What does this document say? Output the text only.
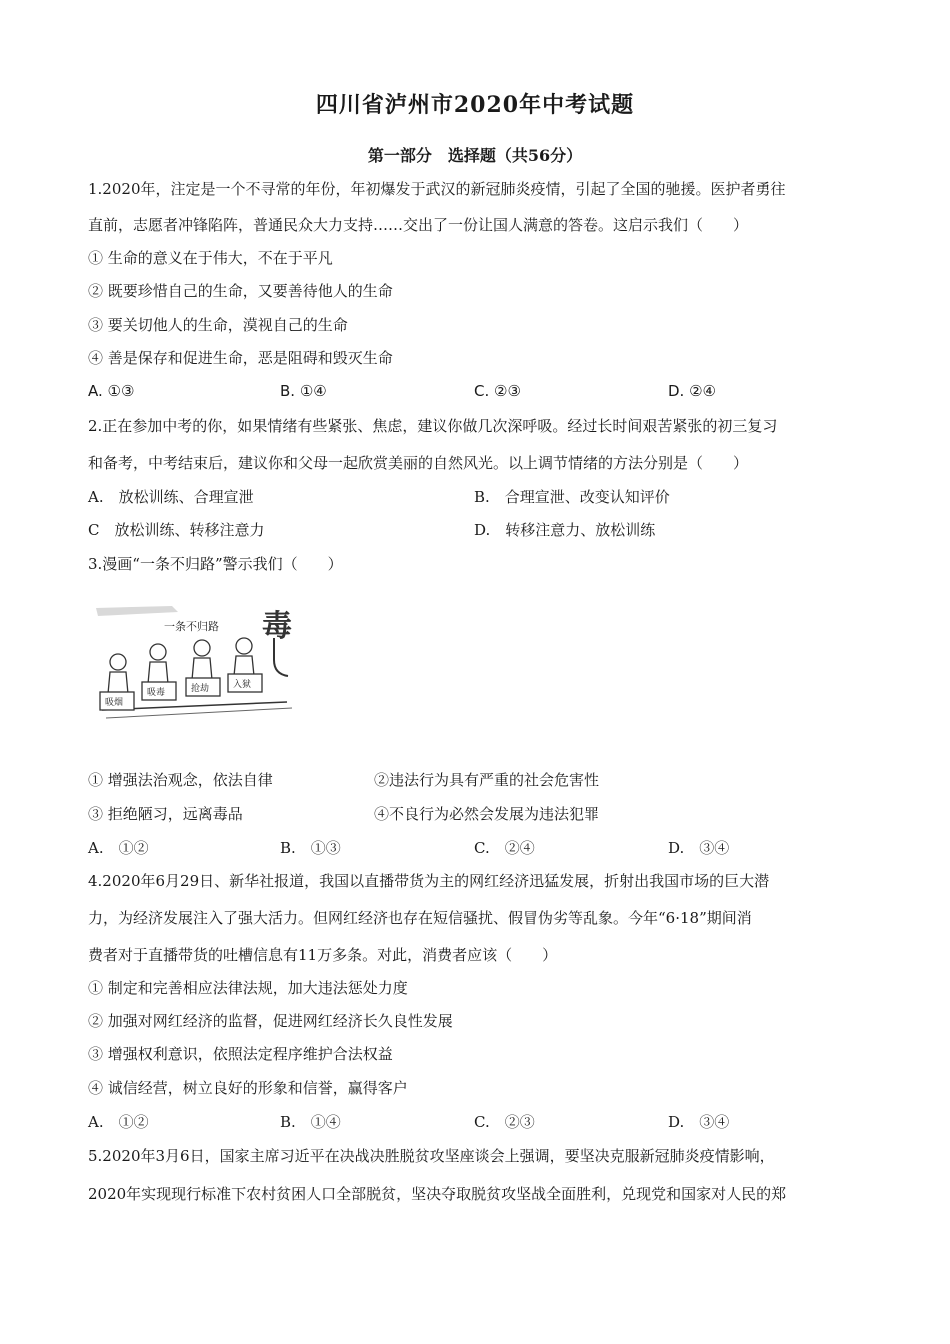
四川省泸州市2020年中考试题
第一部分　选择题（共56分）
1.2020年，注定是一个不寻常的年份，年初爆发于武汉的新冠肺炎疫情，引起了全国的驰援。医护者勇往
直前，志愿者冲锋陷阵，普通民众大力支持……交出了一份让国人满意的答卷。这启示我们（　　）
① 生命的意义在于伟大，不在于平凡
② 既要珍惜自己的生命，又要善待他人的生命
③ 要关切他人的生命，漠视自己的生命
④ 善是保存和促进生命，恶是阻碍和毁灭生命
A. ①③	B. ①④	C. ②③	D. ②④
2.正在参加中考的你，如果情绪有些紧张、焦虑，建议你做几次深呼吸。经过长时间艰苦紧张的初三复习
和备考，中考结束后，建议你和父母一起欣赏美丽的自然风光。以上调节情绪的方法分别是（　　）
A.　放松训练、合理宣泄	B.　合理宣泄、改变认知评价
C　放松训练、转移注意力	D.　转移注意力、放松训练
3.漫画“一条不归路”警示我们（　　）
一条不归路 毒
吸烟
吸毒	抢劫	入狱
① 增强法治观念，依法自律	②违法行为具有严重的社会危害性
③ 拒绝陋习，远离毒品	④不良行为必然会发展为违法犯罪
A.　①②	B.　①③	C.　②④	D.　③④
4.2020年6月29日、新华社报道，我国以直播带货为主的网红经济迅猛发展，折射出我国市场的巨大潜
力，为经济发展注入了强大活力。但网红经济也存在短信骚扰、假冒伪劣等乱象。今年“6·18”期间消
费者对于直播带货的吐槽信息有11万多条。对此，消费者应该（　　）
① 制定和完善相应法律法规，加大违法惩处力度
② 加强对网红经济的监督，促进网红经济长久良性发展
③ 增强权利意识，依照法定程序维护合法权益
④ 诚信经营，树立良好的形象和信誉，赢得客户
A.　①②	B.　①④	C.　②③	D.　③④
5.2020年3月6日，国家主席习近平在决战决胜脱贫攻坚座谈会上强调，要坚决克服新冠肺炎疫情影响，
2020年实现现行标准下农村贫困人口全部脱贫，坚决夺取脱贫攻坚战全面胜利，兑现党和国家对人民的郑
